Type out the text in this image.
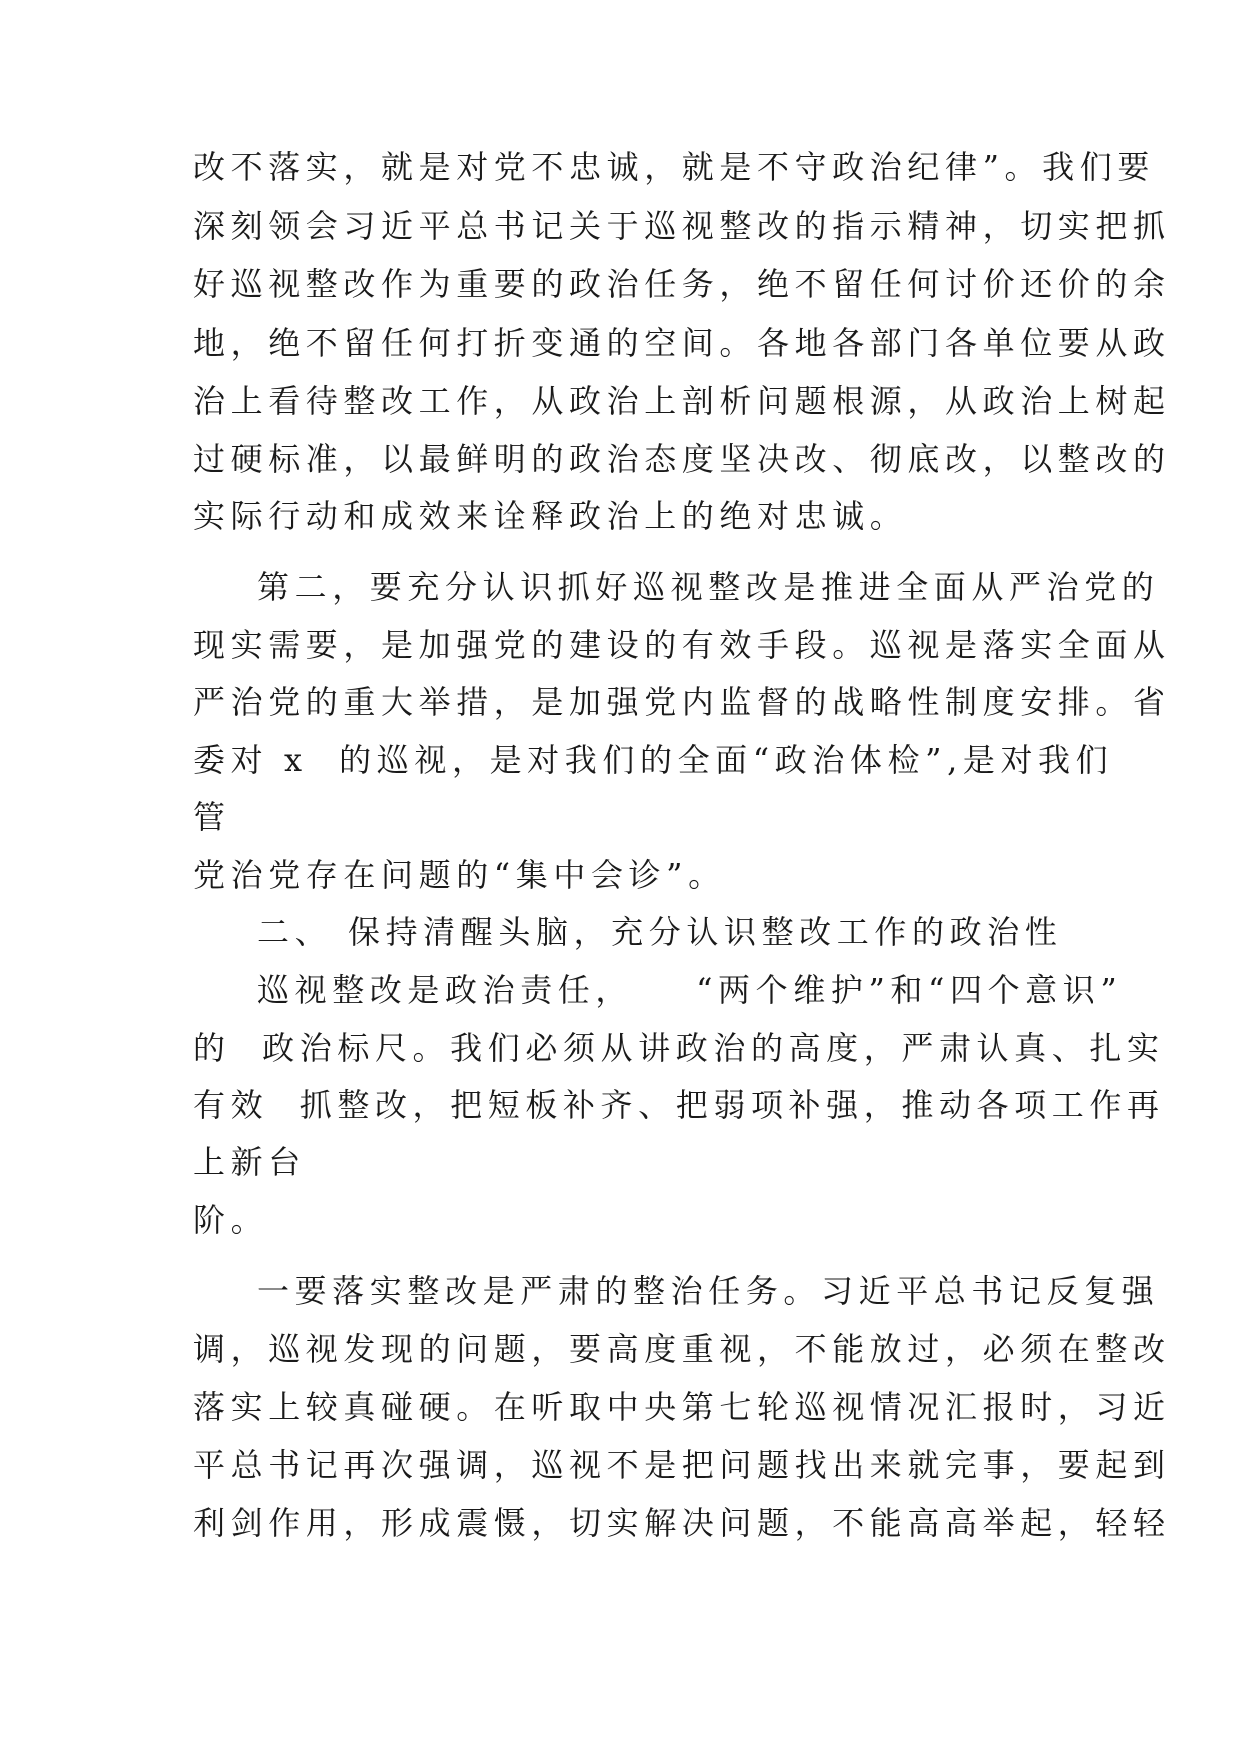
改不落实，就是对党不忠诚，就是不守政治纪律”。我们要
深刻领会习近平总书记关于巡视整改的指示精神，切实把抓
好巡视整改作为重要的政治任务，绝不留任何讨价还价的余
地，绝不留任何打折变通的空间。各地各部门各单位要从政
治上看待整改工作，从政治上剖析问题根源，从政治上树起
过硬标准，以最鲜明的政治态度坚决改、彻底改，以整改的
实际行动和成效来诠释政治上的绝对忠诚。
第二，要充分认识抓好巡视整改是推进全面从严治党的
现实需要，是加强党的建设的有效手段。巡视是落实全面从
严治党的重大举措，是加强党内监督的战略性制度安排。省
委对 x  的巡视，是对我们的全面“政治体检”,是对我们
管
党治党存在问题的“集中会诊”。
二、 保持清醒头脑，充分认识整改工作的政治性
巡视整改是政治责任，    “两个维护”和“四个意识”
的  政治标尺。我们必须从讲政治的高度，严肃认真、扎实
有效  抓整改，把短板补齐、把弱项补强，推动各项工作再
上新台
阶。
一要落实整改是严肃的整治任务。习近平总书记反复强
调，巡视发现的问题，要高度重视，不能放过，必须在整改
落实上较真碰硬。在听取中央第七轮巡视情况汇报时，习近
平总书记再次强调，巡视不是把问题找出来就完事，要起到
利剑作用，形成震慑，切实解决问题，不能高高举起，轻轻
